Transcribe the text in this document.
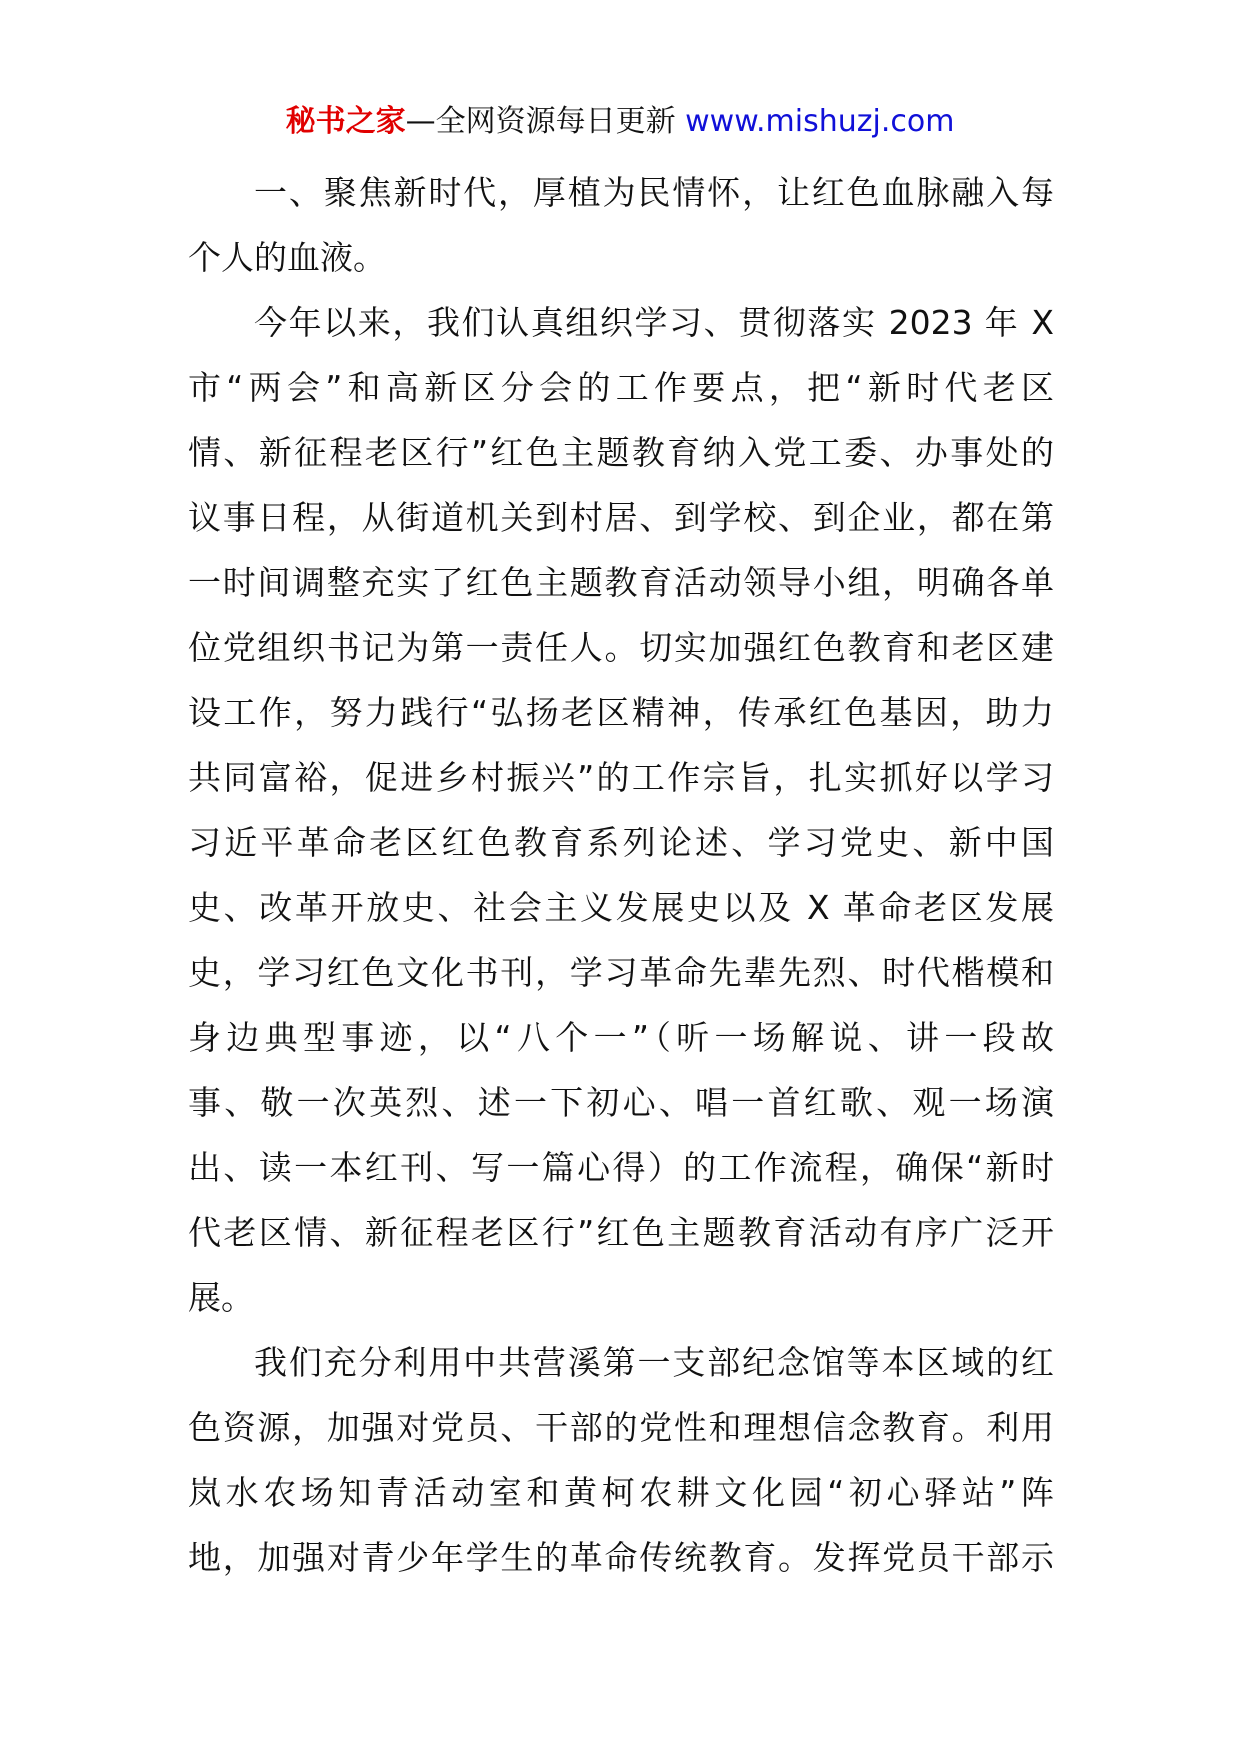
秘书之家—全网资源每日更新 www.mishuzj.com
一、聚焦新时代，厚植为民情怀，让红色血脉融入每
个人的血液。
今年以来，我们认真组织学习、贯彻落实 2023 年 X
市“两会”和高新区分会的工作要点，把“新时代老区
情、新征程老区行”红色主题教育纳入党工委、办事处的
议事日程，从街道机关到村居、到学校、到企业，都在第
一时间调整充实了红色主题教育活动领导小组，明确各单
位党组织书记为第一责任人。切实加强红色教育和老区建
设工作，努力践行“弘扬老区精神，传承红色基因，助力
共同富裕，促进乡村振兴”的工作宗旨，扎实抓好以学习
习近平革命老区红色教育系列论述、学习党史、新中国
史、改革开放史、社会主义发展史以及 X 革命老区发展
史，学习红色文化书刊，学习革命先辈先烈、时代楷模和
身边典型事迹，以“八个一”（听一场解说、讲一段故
事、敬一次英烈、述一下初心、唱一首红歌、观一场演
出、读一本红刊、写一篇心得）的工作流程，确保“新时
代老区情、新征程老区行”红色主题教育活动有序广泛开
展。
我们充分利用中共营溪第一支部纪念馆等本区域的红
色资源，加强对党员、干部的党性和理想信念教育。利用
岚水农场知青活动室和黄柯农耕文化园“初心驿站”阵
地，加强对青少年学生的革命传统教育。发挥党员干部示
